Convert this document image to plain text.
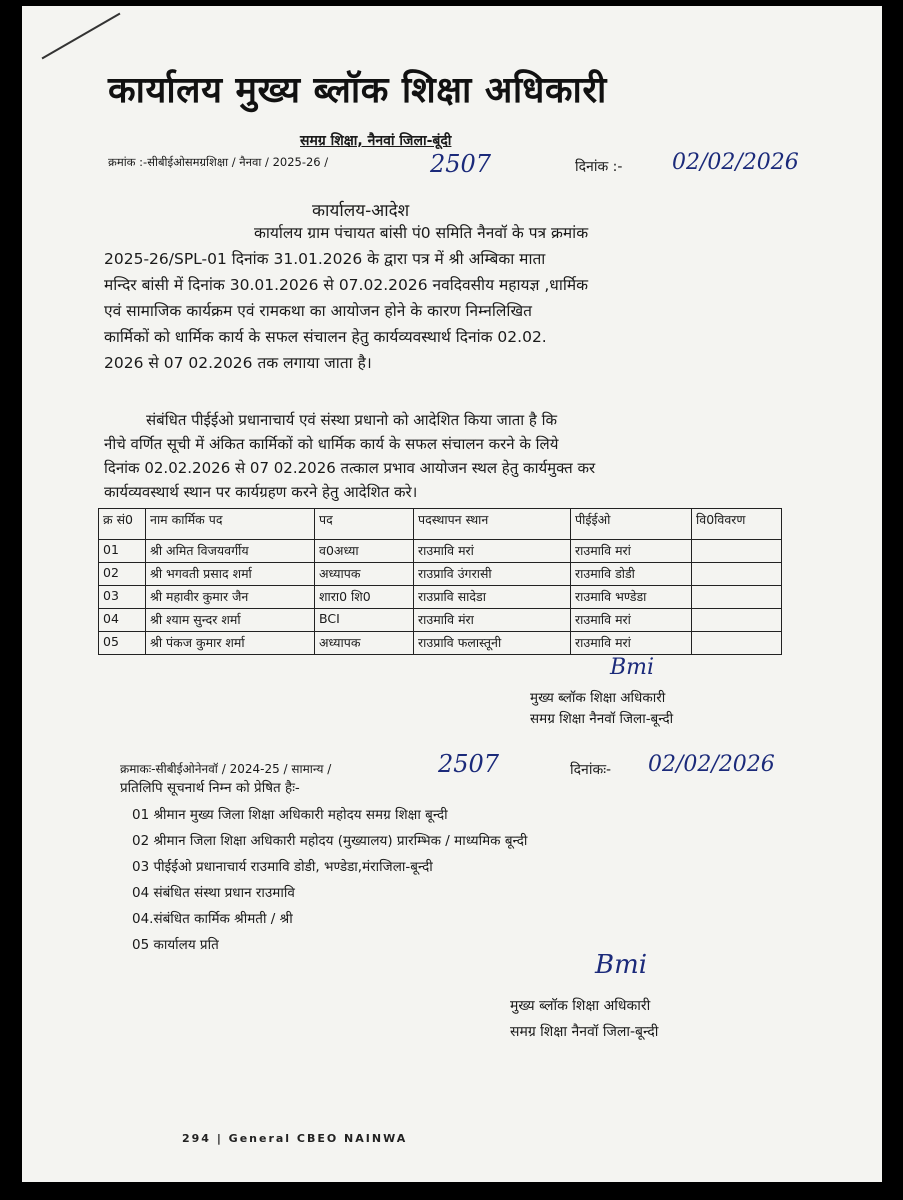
कार्यालय मुख्य ब्लॉक शिक्षा अधिकारी
समग्र शिक्षा, नैनवां जिला-बूंदी
क्रमांक :-सीबीईओसमग्रशिक्षा / नैनवा / 2025-26 /	2507	दिनांक :- 02/02/2026
कार्यालय-आदेश
कार्यालय ग्राम पंचायत बांसी पं0 समिति नैनवॉ के पत्र क्रमांक
2025-26/SPL-01 दिनांक 31.01.2026 के द्वारा पत्र में श्री अम्बिका माता
मन्दिर बांसी में दिनांक 30.01.2026 से 07.02.2026 नवदिवसीय महायज्ञ ,धार्मिक
एवं सामाजिक कार्यक्रम एवं रामकथा का आयोजन होने के कारण निम्नलिखित
कार्मिकों को धार्मिक कार्य के सफल संचालन हेतु कार्यव्यवस्थार्थ दिनांक 02.02.
2026 से 07 02.2026 तक लगाया जाता है।
संबंधित पीईईओ प्रधानाचार्य एवं संस्था प्रधानो को आदेशित किया जाता है कि
नीचे वर्णित सूची में अंकित कार्मिकों को धार्मिक कार्य के सफल संचालन करने के लिये
दिनांक 02.02.2026 से 07 02.2026 तत्काल प्रभाव आयोजन स्थल हेतु कार्यमुक्त कर
कार्यव्यवस्थार्थ स्थान पर कार्यग्रहण करने हेतु आदेशित करे।
क्र सं0	नाम कार्मिक पद	पद	पदस्थापन स्थान	पीईईओ	वि0विवरण
01	श्री अमित विजयवर्गीय	व0अध्या	राउमावि मरां	राउमावि मरां	
02	श्री भगवती प्रसाद शर्मा	अध्यापक	राउप्रावि उंगरासी	राउमावि डोडी	
03	श्री महावीर कुमार जैन	शारा0 शि0	राउप्रावि सादेडा	राउमावि भण्डेडा	
04	श्री श्याम सुन्दर शर्मा	BCI	राउमावि मंरा	राउमावि मरां	
05	श्री पंकज कुमार शर्मा	अध्यापक	राउप्रावि फलास्तूनी	राउमावि मरां	
Bmi
मुख्य ब्लॉक शिक्षा अधिकारी
समग्र शिक्षा नैनवॉ जिला-बून्दी
क्रमाकः-सीबीईओनेनवॉ / 2024-25 / सामान्य /	2507	दिनांकः- 02/02/2026
प्रतिलिपि सूचनार्थ निम्न को प्रेषित हैः-
01 श्रीमान मुख्य जिला शिक्षा अधिकारी महोदय समग्र शिक्षा बून्दी
02 श्रीमान जिला शिक्षा अधिकारी महोदय (मुख्यालय) प्रारम्भिक / माध्यमिक बून्दी
03 पीईईओ प्रधानाचार्य राउमावि डोडी, भण्डेडा,मंराजिला-बून्दी
04 संबंधित संस्था प्रधान राउमावि
04.संबंधित कार्मिक श्रीमती / श्री
05 कार्यालय प्रति
Bmi
मुख्य ब्लॉक शिक्षा अधिकारी
समग्र शिक्षा नैनवॉ जिला-बून्दी
294 | General CBEO NAINWA
